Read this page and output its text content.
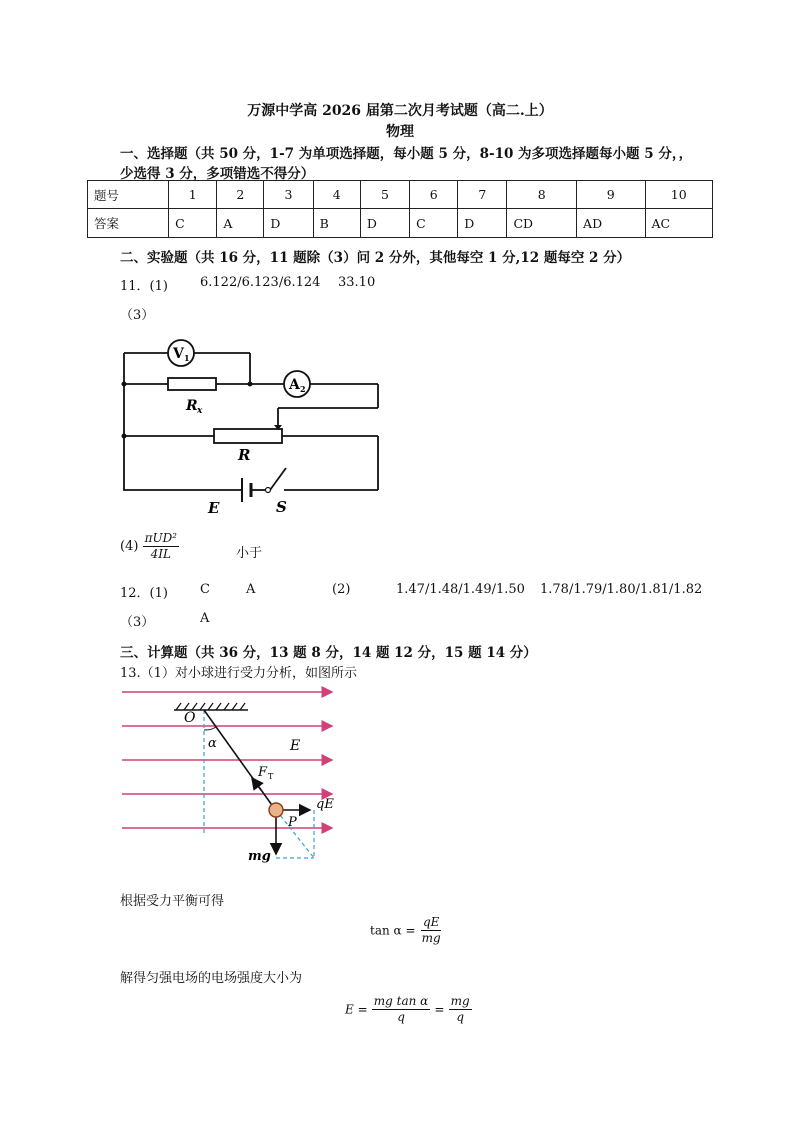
万源中学高 2026 届第二次月考试题（高二.上）
物理
一、选择题（共 50 分，1-7 为单项选择题，每小题 5 分，8-10 为多项选择题每小题 5 分，，
少选得 3 分，多项错选不得分）
题号	1	2	3	4	5	6	7	8	9	10
答案	C	A	D	B	D	C	D	CD	AD	AC
二、实验题（共 16 分，11 题除（3）问 2 分外，其他每空 1 分,12 题每空 2 分）
11．(1) 6.122/6.123/6.124 33.10
（3）
V 1
R x
A 2
R
E	S
$(4) \frac{\text{πUD²}}{4IL}$	小于
12．(1) C	A	(2)	1.47/1.48/1.49/1.50 1.78/1.79/1.80/1.81/1.82
（3）	A
三、计算题（共 36 分，13 题 8 分，14 题 12 分，15 题 14 分）
13.（1）对小球进行受力分析，如图所示
O
α	E
F T
qE
P
mg
根据受力平衡可得
$\tan \alpha = \frac{qE}{mg}$
解得匀强电场的电场强度大小为
$E = \frac{\text{mg tan α}}{q} = \frac{mg}{q}$
